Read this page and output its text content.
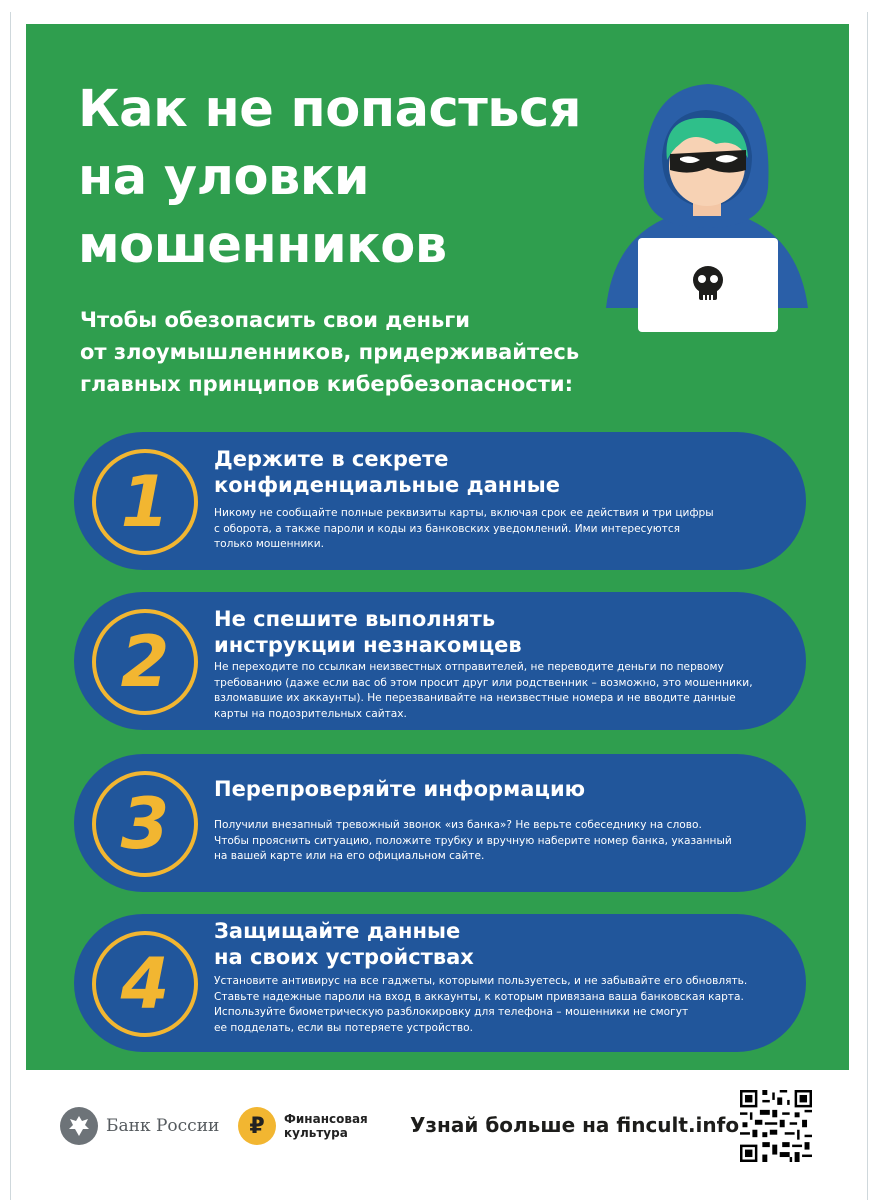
Как не попасться
на уловки
мошенников
Чтобы обезопасить свои деньги
от злоумышленников, придерживайтесь
главных принципов кибербезопасности:
1
Держите в секрете
конфиденциальные данные
Никому не сообщайте полные реквизиты карты, включая срок ее действия и три цифры
с оборота, а также пароли и коды из банковских уведомлений. Ими интересуются
только мошенники.
2
Не спешите выполнять
инструкции незнакомцев
Не переходите по ссылкам неизвестных отправителей, не переводите деньги по первому
требованию (даже если вас об этом просит друг или родственник – возможно, это мошенники,
взломавшие их аккаунты). Не перезванивайте на неизвестные номера и не вводите данные
карты на подозрительных сайтах.
3	Перепроверяйте информацию
Получили внезапный тревожный звонок «из банка»? Не верьте собеседнику на слово.
Чтобы прояснить ситуацию, положите трубку и вручную наберите номер банка, указанный
на вашей карте или на его официальном сайте.
4
Защищайте данные
на своих устройствах
Установите антивирус на все гаджеты, которыми пользуетесь, и не забывайте его обновлять.
Ставьте надежные пароли на вход в аккаунты, к которым привязана ваша банковская карта.
Используйте биометрическую разблокировку для телефона – мошенники не смогут
ее подделать, если вы потеряете устройство.
Банк России	₽	Финансовая
культура	Узнай больше на fincult.info
